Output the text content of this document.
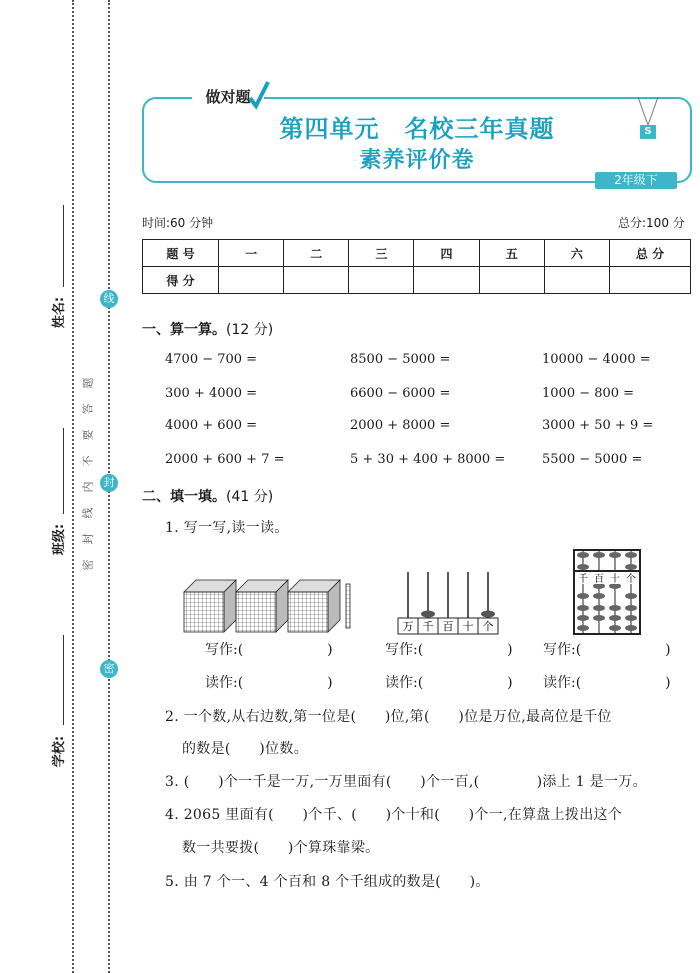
姓名:
班级:
学校:
题
答
要
不
内
线
封
密
线
封
密
第四单元　名校三年真题
素养评价卷
做对题
S
2年级下
时间:60 分钟	总分:100 分
题 号	一	二	三	四	五	六	总 分
得 分							
一、算一算。(12 分)
4700 − 700 =	8500 − 5000 =	10000 − 4000 =
300 + 4000 =	6600 − 6000 =	1000 − 800 =
4000 + 600 =	2000 + 8000 =	3000 + 50 + 9 =
2000 + 600 + 7 =	5 + 30 + 400 + 8000 =	5500 − 5000 =
二、填一填。(41 分)
1. 写一写,读一读。
万 千 百 十 个
千 百 十 个
写作:(　　　　　　)
读作:(　　　　　　)
写作:(　　　　　　)
读作:(　　　　　　)
写作:(　　　　　　)
读作:(　　　　　　)
2. 一个数,从右边数,第一位是(　　)位,第(　　)位是万位,最高位是千位
的数是(　　)位数。
3. (　　)个一千是一万,一万里面有(　　)个一百,(　　　　)添上 1 是一万。
4. 2065 里面有(　　)个千、(　　)个十和(　　)个一,在算盘上拨出这个
数一共要拨(　　)个算珠靠梁。
5. 由 7 个一、4 个百和 8 个千组成的数是(　　)。
